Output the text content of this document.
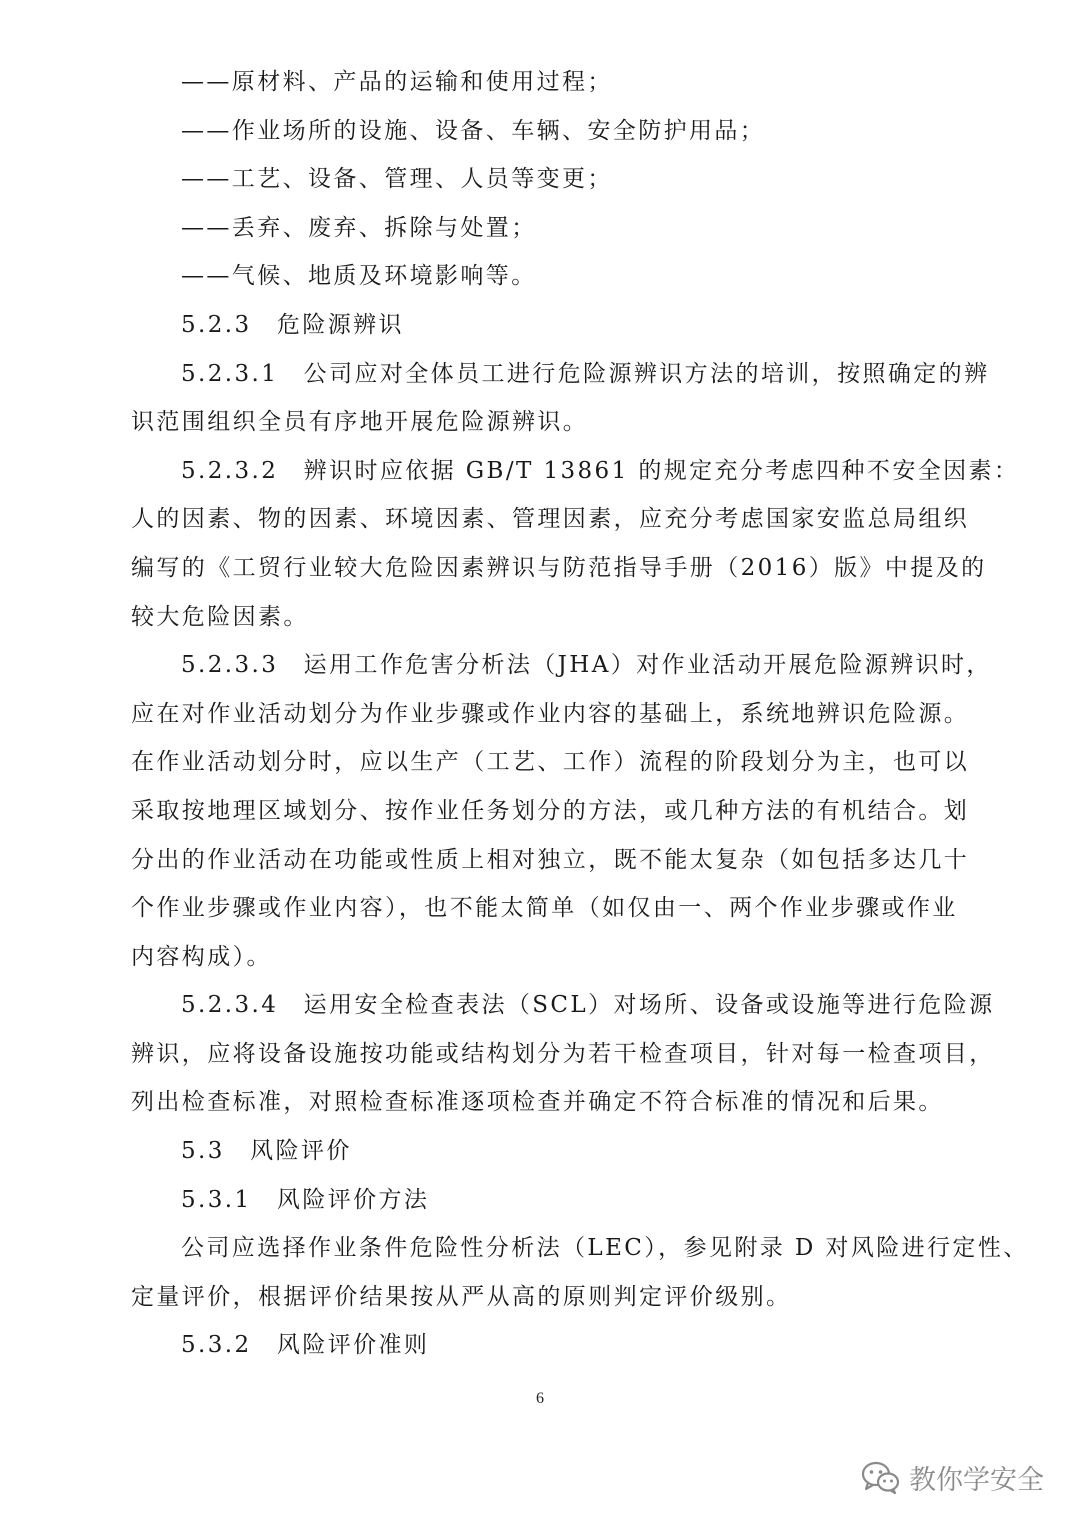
——原材料、产品的运输和使用过程；
——作业场所的设施、设备、车辆、安全防护用品；
——工艺、设备、管理、人员等变更；
——丢弃、废弃、拆除与处置；
——气候、地质及环境影响等。
5.2.3　危险源辨识
5.2.3.1　公司应对全体员工进行危险源辨识方法的培训，按照确定的辨
识范围组织全员有序地开展危险源辨识。
5.2.3.2　辨识时应依据 GB/T 13861 的规定充分考虑四种不安全因素：
人的因素、物的因素、环境因素、管理因素，应充分考虑国家安监总局组织
编写的《工贸行业较大危险因素辨识与防范指导手册（2016）版》中提及的
较大危险因素。
5.2.3.3　运用工作危害分析法（JHA）对作业活动开展危险源辨识时，
应在对作业活动划分为作业步骤或作业内容的基础上，系统地辨识危险源。
在作业活动划分时，应以生产（工艺、工作）流程的阶段划分为主，也可以
采取按地理区域划分、按作业任务划分的方法，或几种方法的有机结合。划
分出的作业活动在功能或性质上相对独立，既不能太复杂（如包括多达几十
个作业步骤或作业内容），也不能太简单（如仅由一、两个作业步骤或作业
内容构成）。
5.2.3.4　运用安全检查表法（SCL）对场所、设备或设施等进行危险源
辨识，应将设备设施按功能或结构划分为若干检查项目，针对每一检查项目，
列出检查标准，对照检查标准逐项检查并确定不符合标准的情况和后果。
5.3　风险评价
5.3.1　风险评价方法
公司应选择作业条件危险性分析法（LEC），参见附录 D 对风险进行定性、
定量评价，根据评价结果按从严从高的原则判定评价级别。
5.3.2　风险评价准则
6
教你学安全
